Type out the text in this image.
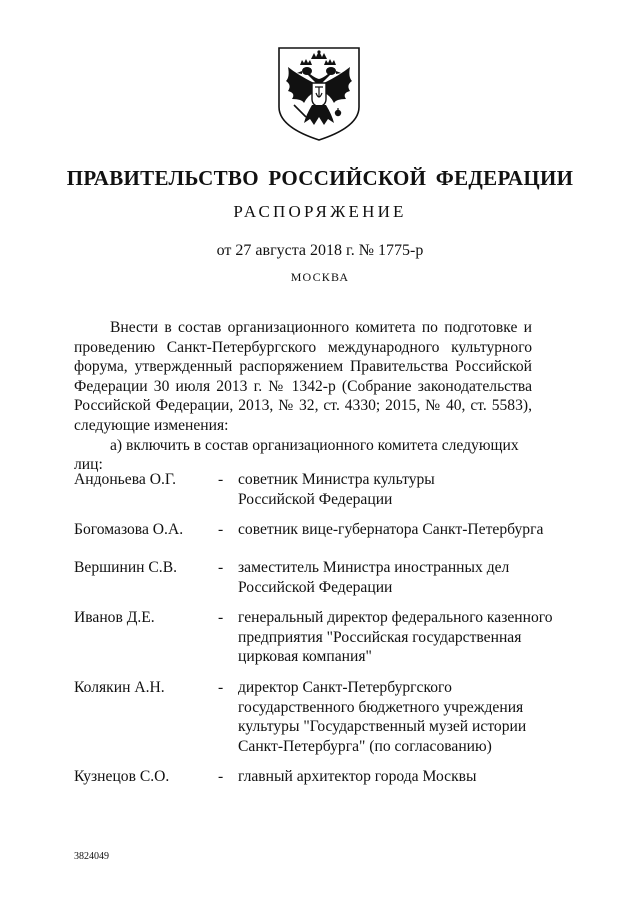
ПРАВИТЕЛЬСТВО РОССИЙСКОЙ ФЕДЕРАЦИИ
РАСПОРЯЖЕНИЕ
от 27 августа 2018 г. № 1775-р
МОСКВА

Внести в состав организационного комитета по подготовке и проведению Санкт-Петербургского международного культурного форума, утвержденный распоряжением Правительства Российской Федерации 30 июля 2013 г. № 1342-р (Собрание законодательства Российской Федерации, 2013, № 32, ст. 4330; 2015, № 40, ст. 5583), следующие изменения:

а) включить в состав организационного комитета следующих лиц:

Андоньева О.Г.	- советник Министра культуры
Российской Федерации
Богомазова О.А.	- советник вице-губернатора Санкт-Петербурга
Вершинин С.В.	- заместитель Министра иностранных дел
Российской Федерации
Иванов Д.Е.	- генеральный директор федерального казенного
предприятия "Российская государственная
цирковая компания"
Колякин А.Н.	- директор Санкт-Петербургского
государственного бюджетного учреждения
культуры "Государственный музей истории
Санкт-Петербурга" (по согласованию)
Кузнецов С.О.	- главный архитектор города Москвы
3824049
